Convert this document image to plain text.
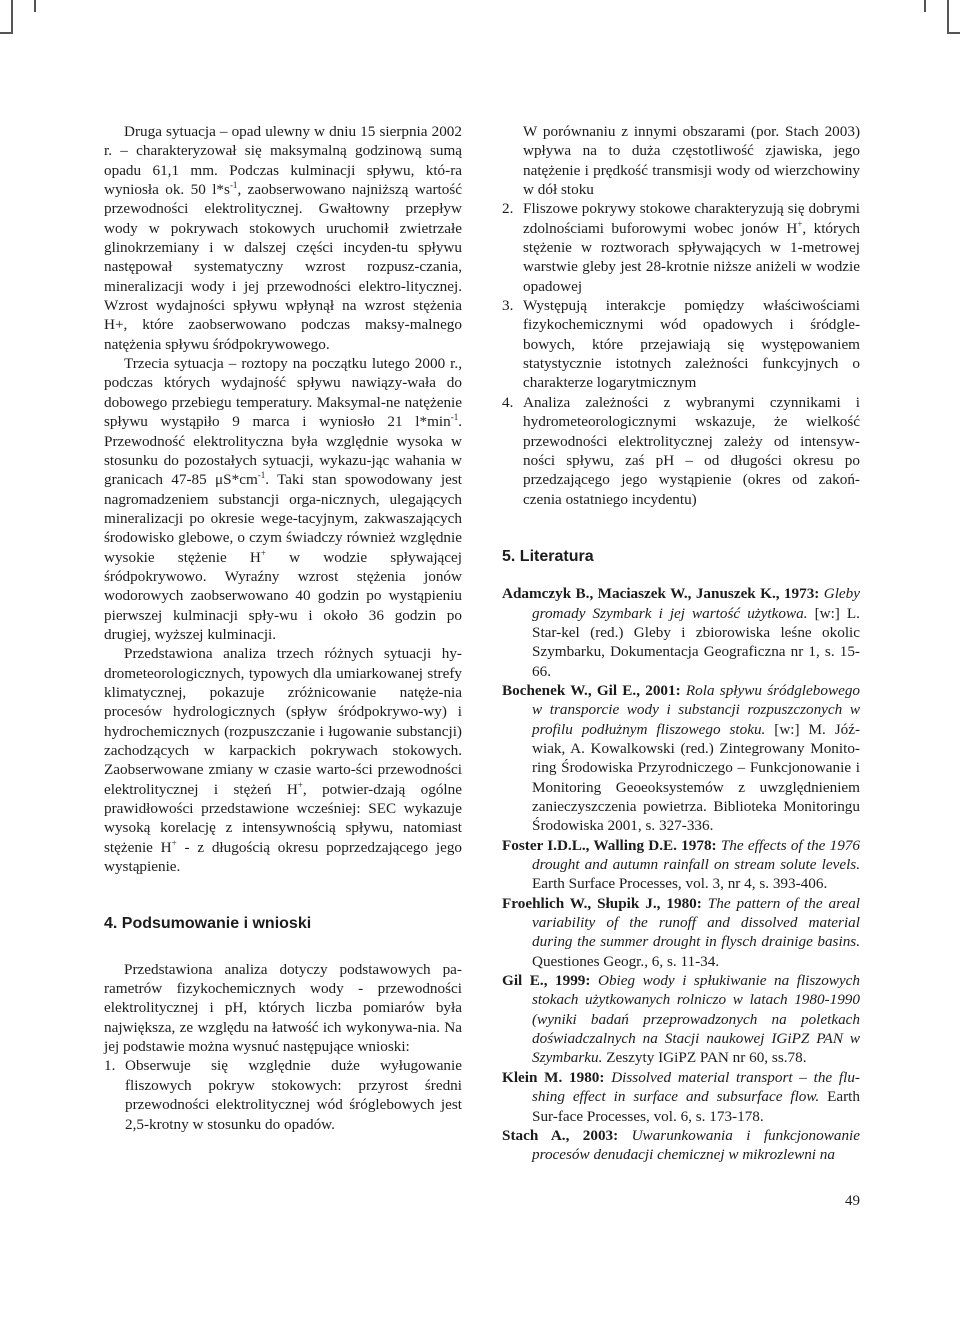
Druga sytuacja – opad ulewny w dniu 15 sierpnia 2002 r. – charakteryzował się maksymalną godzinową sumą opadu 61,1 mm. Podczas kulminacji spływu, któ-ra wyniosła ok. 50 $l*s^{-1}$, zaobserwowano najniższą wartość przewodności elektrolitycznej. Gwałtowny przepływ wody w pokrywach stokowych uruchomił zwietrzałe glinokrzemiany i w dalszej części incyden-tu spływu następował systematyczny wzrost rozpusz-czania, mineralizacji wody i jej przewodności elektro-litycznej. Wzrost wydajności spływu wpłynął na wzrost stężenia H+, które zaobserwowano podczas maksy-malnego natężenia spływu śródpokrywowego.

Trzecia sytuacja – roztopy na początku lutego 2000 r., podczas których wydajność spływu nawiązy-wała do dobowego przebiegu temperatury. Maksymal-ne natężenie spływu wystąpiło 9 marca i wyniosło 21 $l*\min^{-1}$. Przewodność elektrolityczna była względnie wysoka w stosunku do pozostałych sytuacji, wykazu-jąc wahania w granicach 47-85 $\mu S*cm^{-1}$. Taki stan spowodowany jest nagromadzeniem substancji orga-nicznych, ulegających mineralizacji po okresie wege-tacyjnym, zakwaszających środowisko glebowe, o czym świadczy również względnie wysokie stężenie H+ w wodzie spływającej śródpokrywowo. Wyraźny wzrost stężenia jonów wodorowych zaobserwowano 40 godzin po wystąpieniu pierwszej kulminacji spły-wu i około 36 godzin po drugiej, wyższej kulminacji.

Przedstawiona analiza trzech różnych sytuacji hy-drometeorologicznych, typowych dla umiarkowanej strefy klimatycznej, pokazuje zróżnicowanie natęże-nia procesów hydrologicznych (spływ śródpokrywo-wy) i hydrochemicznych (rozpuszczanie i ługowanie substancji) zachodzących w karpackich pokrywach stokowych. Zaobserwowane zmiany w czasie warto-ści przewodności elektrolitycznej i stężeń H+, potwier-dzają ogólne prawidłowości przedstawione wcześniej: SEC wykazuje wysoką korelację z intensywnością spływu, natomiast stężenie H+ - z długością okresu poprzedzającego jego wystąpienie.

4. Podsumowanie i wnioski

Przedstawiona analiza dotyczy podstawowych pa-rametrów fizykochemicznych wody - przewodności elektrolitycznej i pH, których liczba pomiarów była największa, ze względu na łatwość ich wykonywa-nia. Na jej podstawie można wysnuć następujące wnioski:

1. Obserwuje się względnie duże wyługowanie fliszowych pokryw stokowych: przyrost średni przewodności elektrolitycznej wód śróglebowych jest 2,5-krotny w stosunku do opadów.
W porównaniu z innymi obszarami (por. Stach 2003) wpływa na to duża częstotliwość zjawiska, jego natężenie i prędkość transmisji wody od wierzchowiny w dół stoku
2. Fliszowe pokrywy stokowe charakteryzują się dobrymi zdolnościami buforowymi wobec jonów H+, których stężenie w roztworach spływających w 1-metrowej warstwie gleby jest 28-krotnie niższe aniżeli w wodzie opadowej
3. Występują interakcje pomiędzy właściwościami fizykochemicznymi wód opadowych i śródgle-bowych, które przejawiają się występowaniem statystycznie istotnych zależności funkcyjnych o charakterze logarytmicznym
4. Analiza zależności z wybranymi czynnikami i hydrometeorologicznymi wskazuje, że wielkość przewodności elektrolitycznej zależy od intensyw-ności spływu, zaś pH – od długości okresu po przedzającego jego wystąpienie (okres od zakoń-czenia ostatniego incydentu)
5. Literatura

Adamczyk B., Maciaszek W., Januszek K., 1973: Gleby gromady Szymbark i jej wartość użytkowa. [w:] L. Star-kel (red.) Gleby i zbiorowiska leśne okolic Szymbarku, Dokumentacja Geograficzna nr 1, s. 15-66.

Bochenek W., Gil E., 2001: Rola spływu śródglebowego w transporcie wody i substancji rozpuszczonych w profilu podłużnym fliszowego stoku. [w:] M. Jóź-wiak, A. Kowalkowski (red.) Zintegrowany Monito-ring Środowiska Przyrodniczego – Funkcjonowanie i Monitoring Geoeoksystemów z uwzględnieniem zanieczyszczenia powietrza. Biblioteka Monitoringu Środowiska 2001, s. 327-336.

Foster I.D.L., Walling D.E. 1978: The effects of the 1976 drought and autumn rainfall on stream solute levels. Earth Surface Processes, vol. 3, nr 4, s. 393-406.

Froehlich W., Słupik J., 1980: The pattern of the areal variability of the runoff and dissolved material during the summer drought in flysch drainige basins. Questiones Geogr., 6, s. 11-34.

Gil E., 1999: Obieg wody i spłukiwanie na fliszowych stokach użytkowanych rolniczo w latach 1980-1990 (wyniki badań przeprowadzonych na poletkach doświadczalnych na Stacji naukowej IGiPZ PAN w Szymbarku. Zeszyty IGiPZ PAN nr 60, ss.78.

Klein M. 1980: Dissolved material transport – the flu-shing effect in surface and subsurface flow. Earth Sur-face Processes, vol. 6, s. 173-178.

Stach A., 2003: Uwarunkowania i funkcjonowanie procesów denudacji chemicznej w mikrozlewni na

49
